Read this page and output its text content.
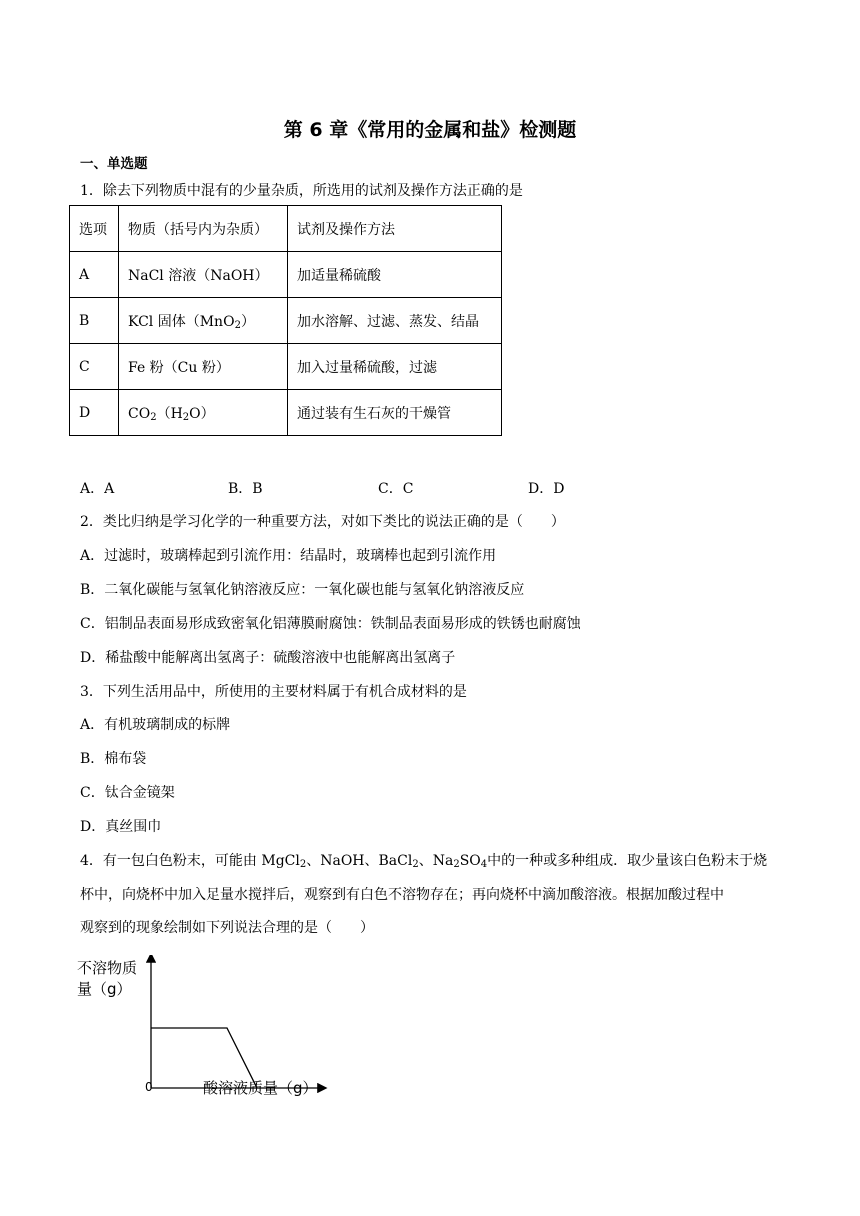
第 6 章《常用的金属和盐》检测题
一、单选题
1．除去下列物质中混有的少量杂质，所选用的试剂及操作方法正确的是
选项	物质（括号内为杂质）	试剂及操作方法
A	NaCl 溶液（NaOH）	加适量稀硫酸
B	KCl 固体（MnO$_2$）	加水溶解、过滤、蒸发、结晶
C	Fe 粉（Cu 粉）	加入过量稀硫酸，过滤
D	$CO_2(H_2O)$	通过装有生石灰的干燥管
A．A	B．B	C．C	D．D
2．类比归纳是学习化学的一种重要方法，对如下类比的说法正确的是（　　）
A．过滤时，玻璃棒起到引流作用：结晶时，玻璃棒也起到引流作用
B．二氧化碳能与氢氧化钠溶液反应：一氧化碳也能与氢氧化钠溶液反应
C．铝制品表面易形成致密氧化铝薄膜耐腐蚀：铁制品表面易形成的铁锈也耐腐蚀
D．稀盐酸中能解离出氢离子：硫酸溶液中也能解离出氢离子
3．下列生活用品中，所使用的主要材料属于有机合成材料的是
A．有机玻璃制成的标牌
B．棉布袋
C．钛合金镜架
D．真丝围巾
4．有一包白色粉末，可能由 MgCl$_2$、NaOH、BaCl$_2$、$Na_2SO_4$中的一种或多种组成．取少量该白色粉末于烧
杯中，向烧杯中加入足量水搅拌后，观察到有白色不溶物存在；再向烧杯中滴加酸溶液。根据加酸过程中
观察到的现象绘制如下列说法合理的是（　　）
不溶物质
量（g）
0	酸溶液质量（g）
